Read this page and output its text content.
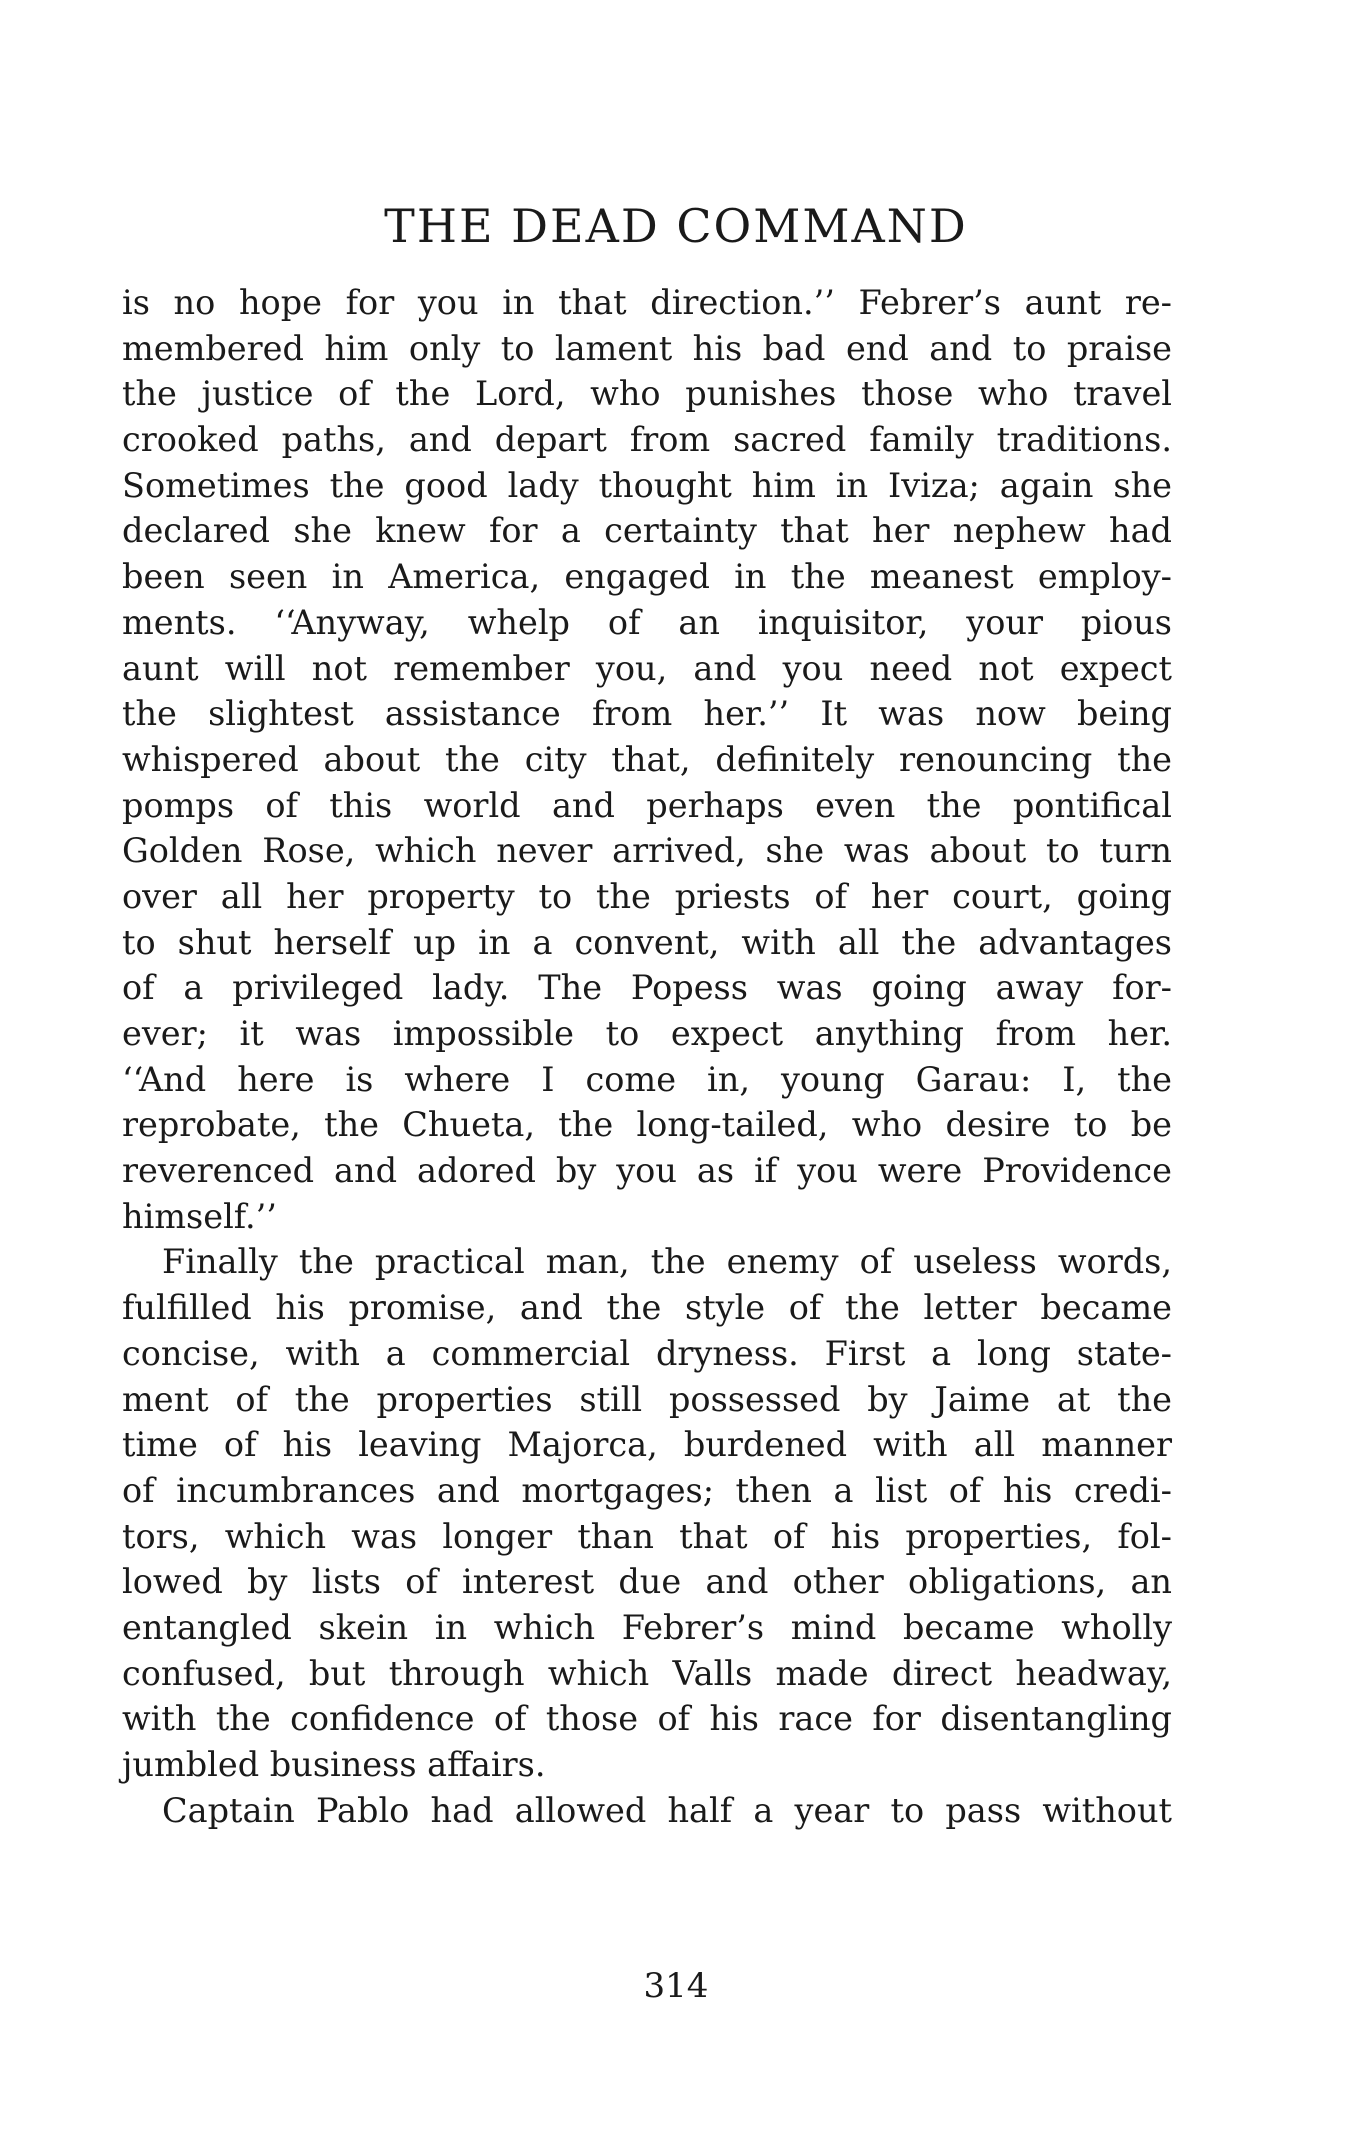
THE DEAD COMMAND
is no hope for you in that direction.’’ Febrer’s aunt re-
membered him only to lament his bad end and to praise
the justice of the Lord, who punishes those who travel
crooked paths, and depart from sacred family traditions.
Sometimes the good lady thought him in Iviza; again she
declared she knew for a certainty that her nephew had
been seen in America, engaged in the meanest employ-
ments. ‘‘Anyway, whelp of an inquisitor, your pious
aunt will not remember you, and you need not expect
the slightest assistance from her.’’ It was now being
whispered about the city that, definitely renouncing the
pomps of this world and perhaps even the pontifical
Golden Rose, which never arrived, she was about to turn
over all her property to the priests of her court, going
to shut herself up in a convent, with all the advantages
of a privileged lady. The Popess was going away for-
ever; it was impossible to expect anything from her.
‘‘And here is where I come in, young Garau: I, the
reprobate, the Chueta, the long-tailed, who desire to be
reverenced and adored by you as if you were Providence
himself.’’
Finally the practical man, the enemy of useless words,
fulfilled his promise, and the style of the letter became
concise, with a commercial dryness. First a long state-
ment of the properties still possessed by Jaime at the
time of his leaving Majorca, burdened with all manner
of incumbrances and mortgages; then a list of his credi-
tors, which was longer than that of his properties, fol-
lowed by lists of interest due and other obligations, an
entangled skein in which Febrer’s mind became wholly
confused, but through which Valls made direct headway,
with the confidence of those of his race for disentangling
jumbled business affairs.
Captain Pablo had allowed half a year to pass without
314
